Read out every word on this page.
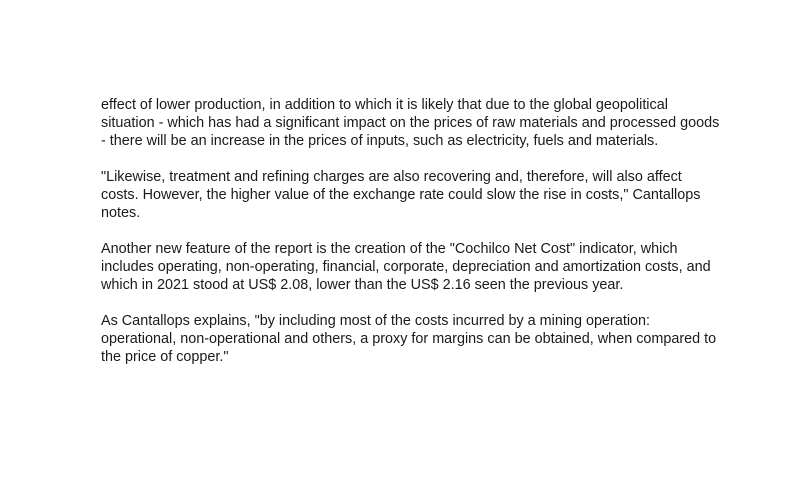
effect of lower production, in addition to which it is likely that due to the global geopolitical situation - which has had a significant impact on the prices of raw materials and processed goods - there will be an increase in the prices of inputs, such as electricity, fuels and materials.

"Likewise, treatment and refining charges are also recovering and, therefore, will also affect costs. However, the higher value of the exchange rate could slow the rise in costs," Cantallops notes.

Another new feature of the report is the creation of the "Cochilco Net Cost" indicator, which includes operating, non-operating, financial, corporate, depreciation and amortization costs, and which in 2021 stood at US$ 2.08, lower than the US$ 2.16 seen the previous year.

As Cantallops explains, "by including most of the costs incurred by a mining operation: operational, non-operational and others, a proxy for margins can be obtained, when compared to the price of copper."
